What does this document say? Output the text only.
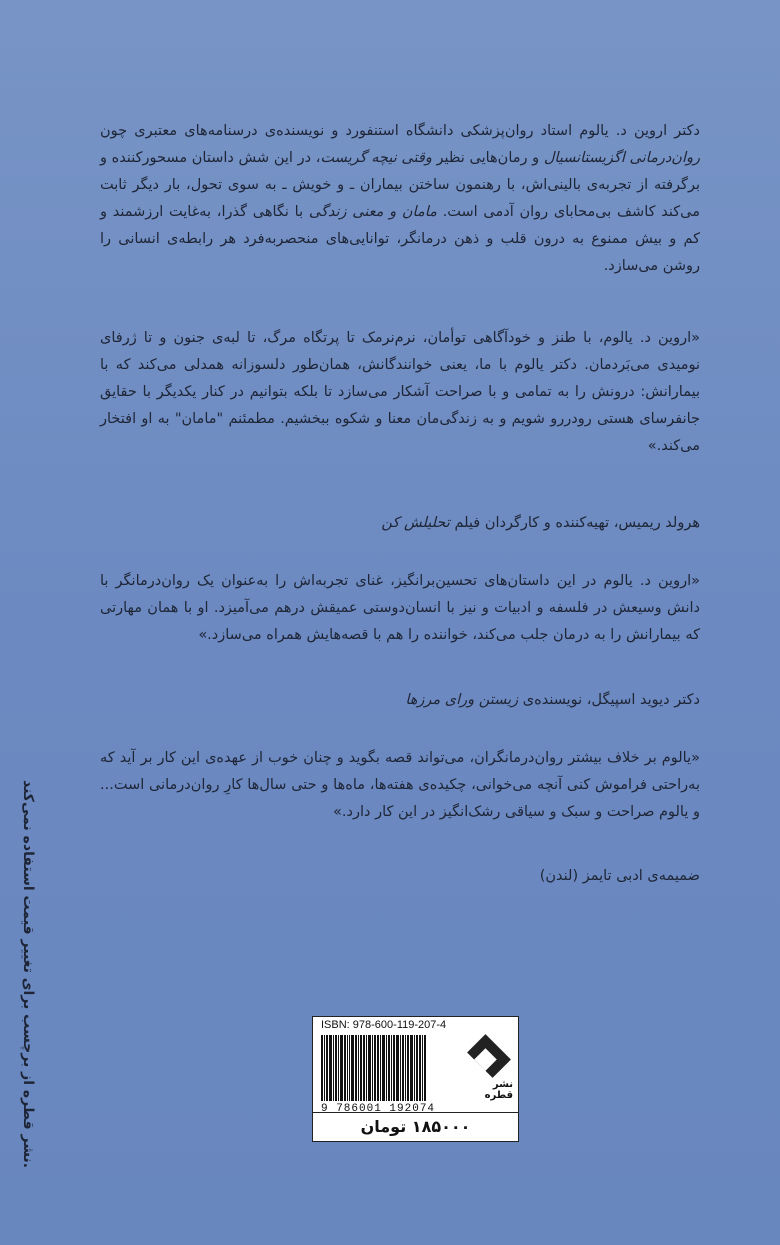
دکتر اروین د. یالوم استاد روان‌پزشکی دانشگاه استنفورد و نویسنده‌ی درسنامه‌های معتبری چون روان‌درمانی اگزیستانسیال و رمان‌هایی نظیر وقتی نیچه گریست، در این شش داستان مسحورکننده و برگرفته از تجربه‌ی بالینی‌اش، با رهنمون ساختن بیماران ـ و خویش ـ به سوی تحول، بار دیگر ثابت می‌کند کاشف بی‌محابای روان آدمی است. مامان و معنی زندگی با نگاهی گذرا، به‌غایت ارزشمند و کم و بیش ممنوع به درون قلب و ذهن درمانگر، توانایی‌های منحصربه‌فرد هر رابطه‌ی انسانی را روشن می‌سازد.

«اروین د. یالوم، با طنز و خودآگاهی توأمان، نرم‌نرمک تا پرتگاه مرگ، تا لبه‌ی جنون و تا ژرفای نومیدی می‌بَردمان. دکتر یالوم با ما، یعنی خوانندگانش، همان‌طور دلسوزانه همدلی می‌کند که با بیمارانش: درونش را به تمامی و با صراحت آشکار می‌سازد تا بلکه بتوانیم در کنار یکدیگر با حقایق جانفرسای هستی رودررو شویم و به زندگی‌مان معنا و شکوه ببخشیم. مطمئنم "مامان" به او افتخار می‌کند.»

هرولد ریمیس، تهیه‌کننده و کارگردان فیلم تحلیلش کن

«اروین د. یالوم در این داستان‌های تحسین‌برانگیز، غنای تجربه‌اش را به‌عنوان یک روان‌درمانگر با دانش وسیعش در فلسفه و ادبیات و نیز با انسان‌دوستی عمیقش درهم می‌آمیزد. او با همان مهارتی که بیمارانش را به درمان جلب می‌کند، خواننده را هم با قصه‌هایش همراه می‌سازد.»

دکتر دیوید اسپیگل، نویسنده‌ی زیستن ورای مرزها

«یالوم بر خلاف بیشتر روان‌درمانگران، می‌تواند قصه بگوید و چنان خوب از عهده‌ی این کار بر آید که به‌راحتی فراموش کنی آنچه می‌خوانی، چکیده‌ی هفته‌ها، ماه‌ها و حتی سال‌ها کارِ روان‌درمانی است... و یالوم صراحت و سبک و سیاقی رشک‌انگیز در این کار دارد.»

ضمیمه‌ی ادبی تایمز (لندن)
نشر قطره از برچسب برای تغییر قیمت استفاده نمی‌کند.
ISBN: 978-600-119-207-4
9 786001 192074
نشر قطره
۱۸۵۰۰۰ تومان
